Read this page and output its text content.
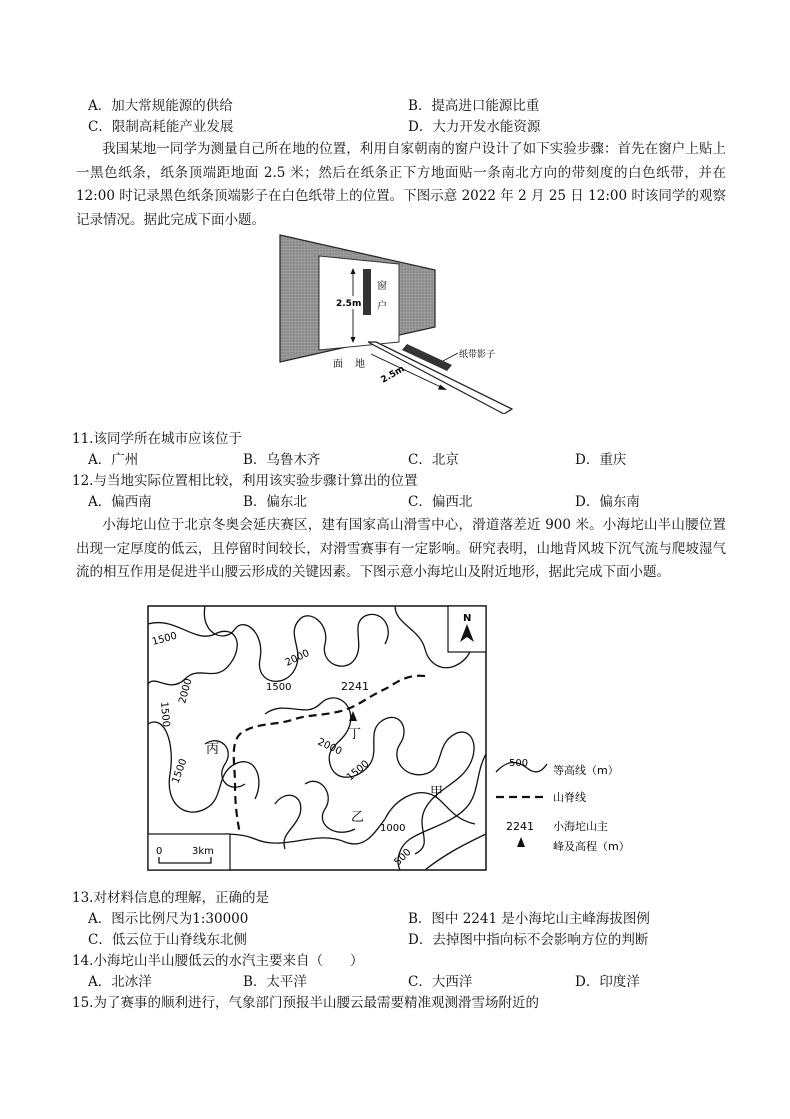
A．加大常规能源的供给	B．提高进口能源比重
C．限制高耗能产业发展	D．大力开发水能资源
我国某地一同学为测量自己所在地的位置，利用自家朝南的窗户设计了如下实验步骤：首先在窗户上贴上一黑色纸条，纸条顶端距地面 2.5 米；然后在纸条正下方地面贴一条南北方向的带刻度的白色纸带，并在 12:00 时记录黑色纸条顶端影子在白色纸带上的位置。下图示意 2022 年 2 月 25 日 12:00 时该同学的观察记录情况。据此完成下面小题。
2.5m
窗
户
2.5m
纸带影子
面 地
11.该同学所在城市应该位于
A．广州	B．乌鲁木齐	C．北京	D．重庆
12.与当地实际位置相比较，利用该实验步骤计算出的位置
A．偏西南	B．偏东北	C．偏西北	D．偏东南
小海坨山位于北京冬奥会延庆赛区，建有国家高山滑雪中心，滑道落差近 900 米。小海坨山半山腰位置出现一定厚度的低云，且停留时间较长，对滑雪赛事有一定影响。研究表明，山地背风坡下沉气流与爬坡湿气流的相互作用是促进半山腰云形成的关键因素。下图示意小海坨山及附近地形，据此完成下面小题。
2241
N
1500
2000
1500
2000
1500
1500
2000
1500
1000
500
丁
丙
乙
甲
0	3km
500
等高线（m）
山脊线
2241 小海坨山主
峰及高程（m）
13.对材料信息的理解，正确的是
A．图示比例尺为1:30000	B．图中 2241 是小海坨山主峰海拔图例
C．低云位于山脊线东北侧	D．去掉图中指向标不会影响方位的判断
14.小海坨山半山腰低云的水汽主要来自（　　）
A．北冰洋	B．太平洋	C．大西洋	D．印度洋
15.为了赛事的顺利进行，气象部门预报半山腰云最需要精准观测滑雪场附近的
